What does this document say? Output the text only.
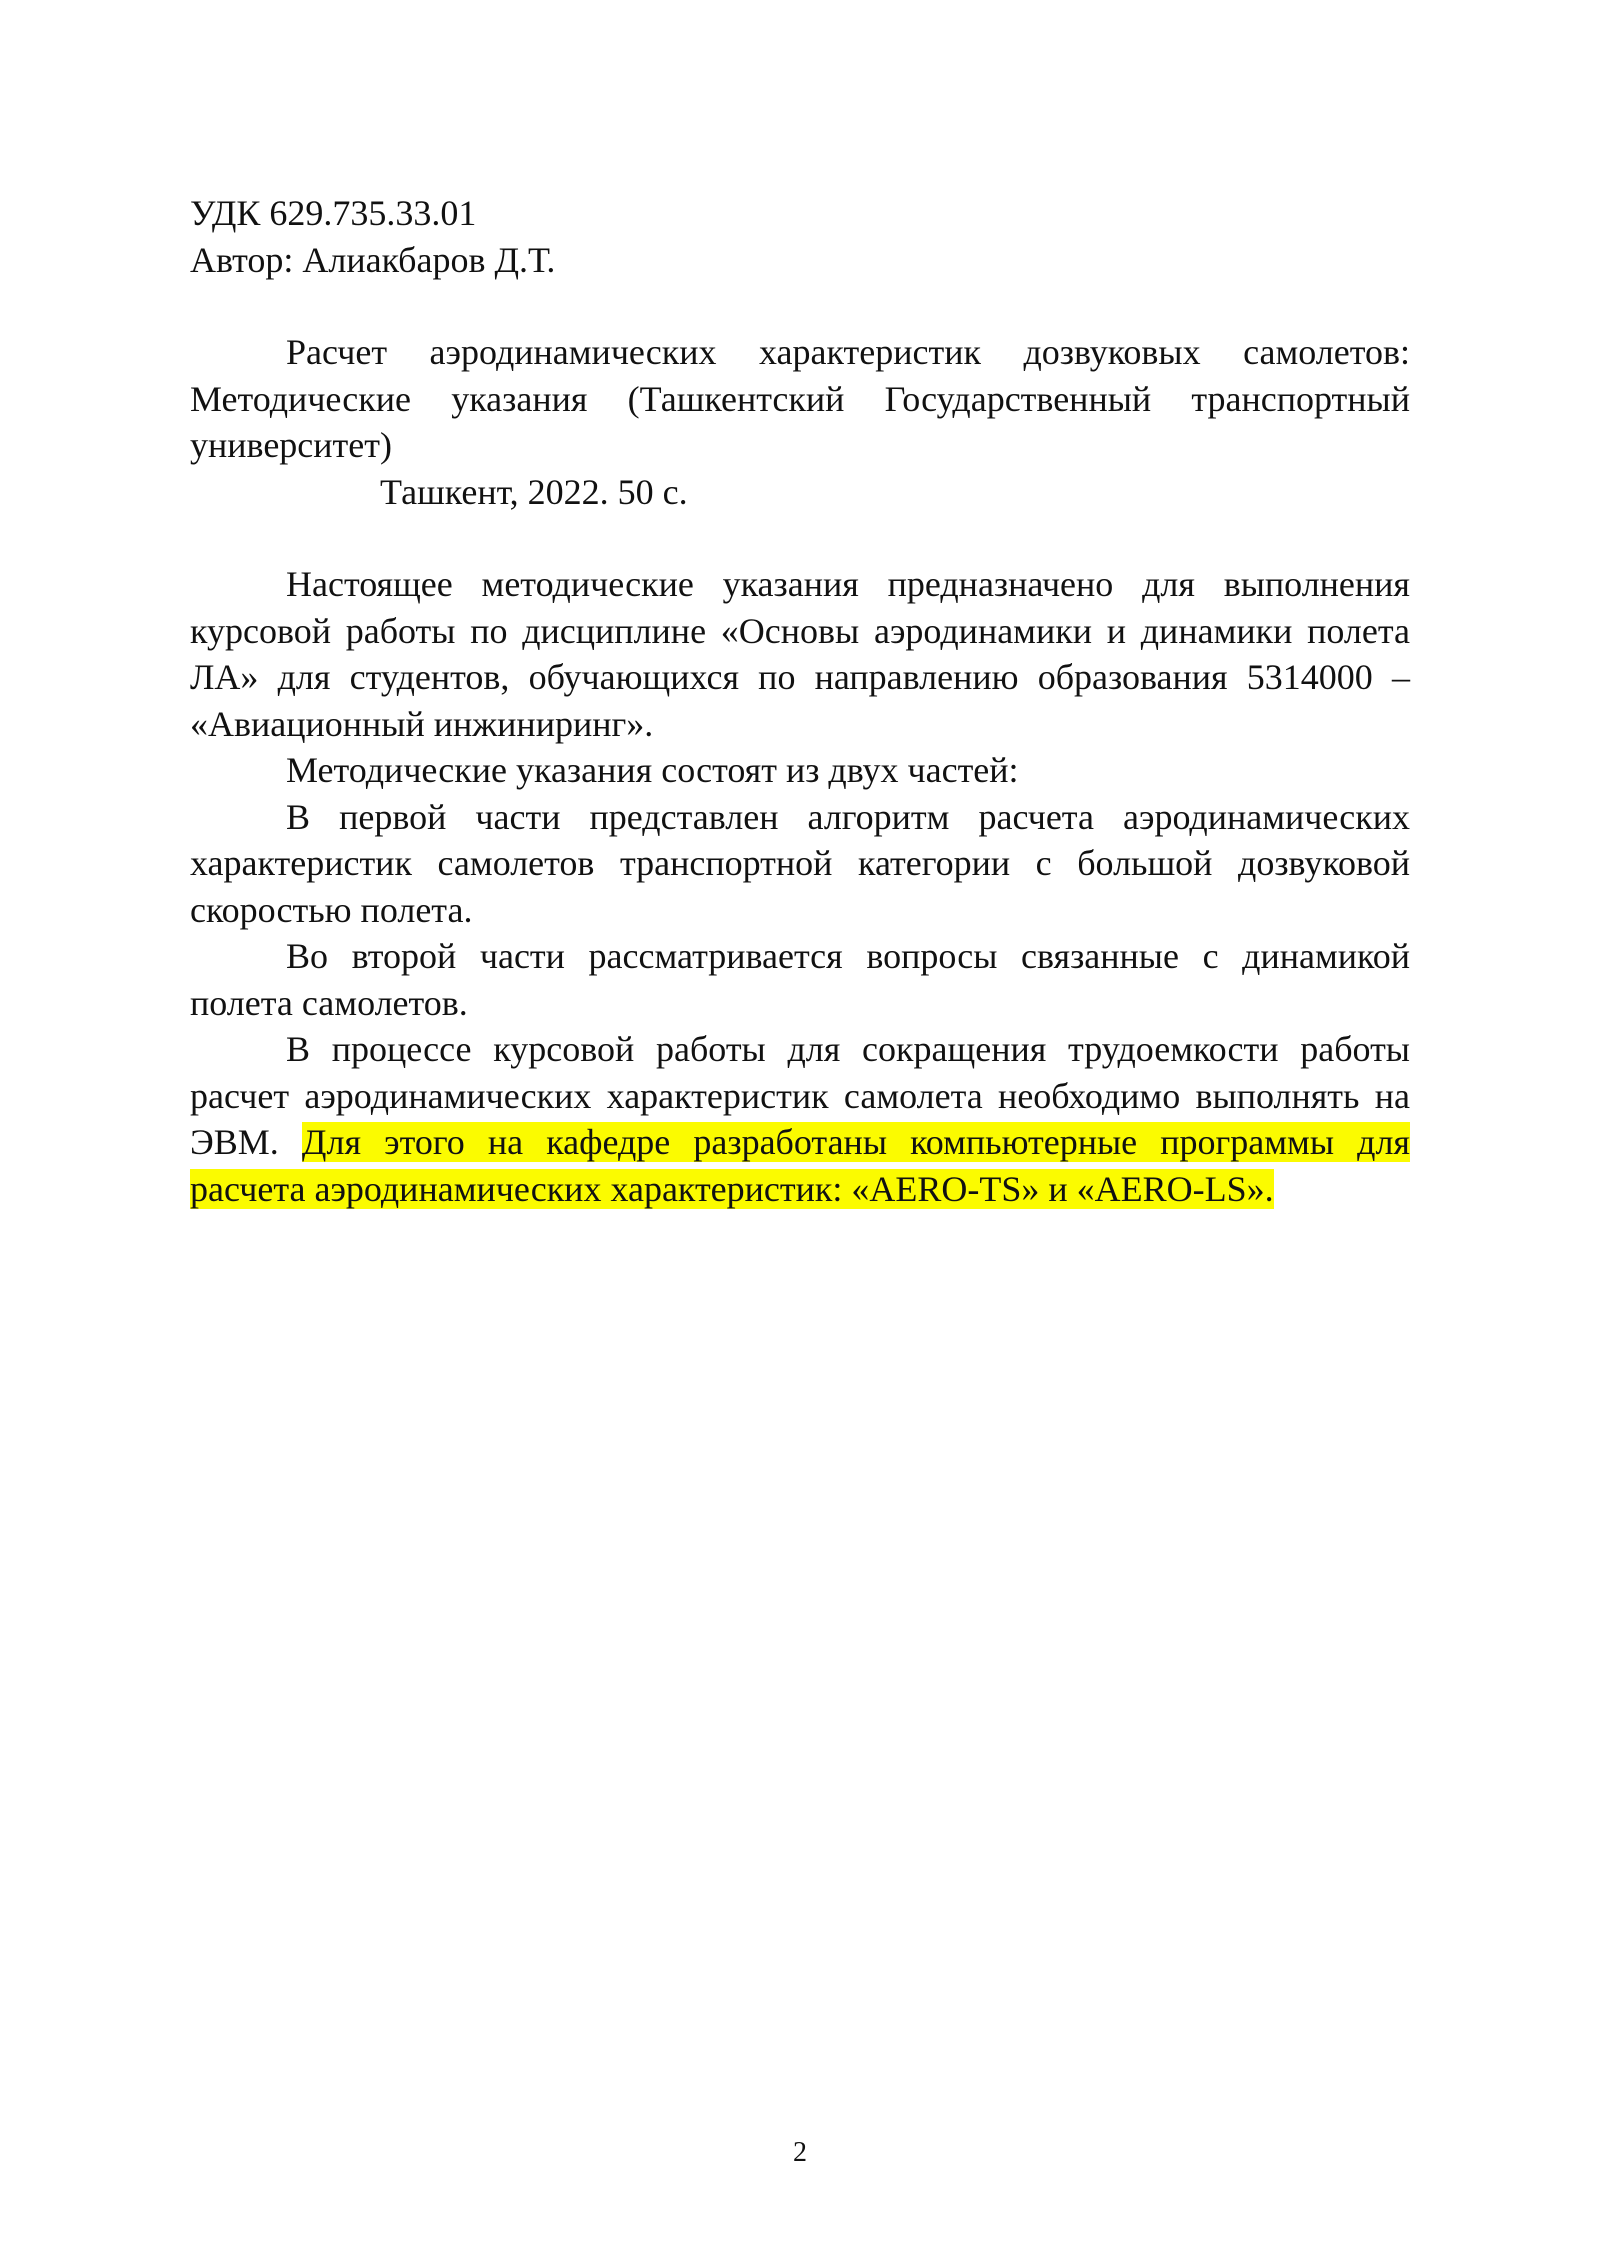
УДК 629.735.33.01
Автор: Алиакбаров Д.Т.

Расчет аэродинамических характеристик дозвуковых самолетов: Методические указания (Ташкентский Государственный транспортный университет)

Ташкент, 2022. 50 с.

Настоящее методические указания предназначено для выполнения курсовой работы по дисциплине «Основы аэродинамики и динамики полета ЛА» для студентов, обучающихся по направлению образования 5314000 – «Авиационный инжиниринг».

Методические указания состоят из двух частей:

В первой части представлен алгоритм расчета аэродинамических характеристик самолетов транспортной категории с большой дозвуковой скоростью полета.

Во второй части рассматривается вопросы связанные с динамикой полета самолетов.

В процессе курсовой работы для сокращения трудоемкости работы расчет аэродинамических характеристик самолета необходимо выполнять на ЭВМ. Для этого на кафедре разработаны компьютерные программы для расчета аэродинамических характеристик: «AERO-TS» и «AERO-LS».

2
